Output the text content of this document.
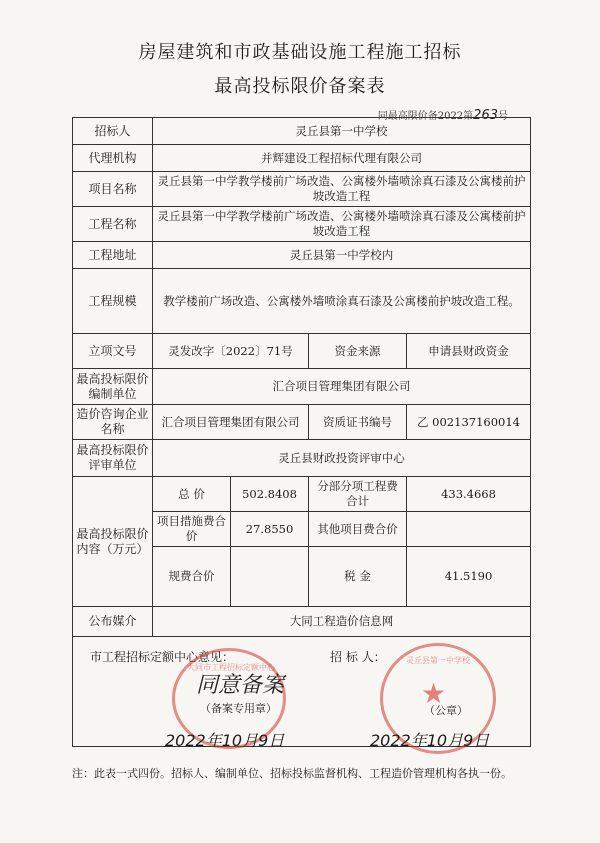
房屋建筑和市政基础设施工程施工招标
最高投标限价备案表
同最高限价备2022第263号
招标人	灵丘县第一中学校			
代理机构	并辉建设工程招标代理有限公司			
项目名称	灵丘县第一中学教学楼前广场改造、公寓楼外墙喷涂真石漆及公寓楼前护坡改造工程			
工程名称	灵丘县第一中学教学楼前广场改造、公寓楼外墙喷涂真石漆及公寓楼前护坡改造工程			
工程地址	灵丘县第一中学校内			
工程规模	教学楼前广场改造、公寓楼外墙喷涂真石漆及公寓楼前护坡改造工程。			
立项文号	灵发改字〔2022〕71号		资金来源	申请县财政资金
最高投标限价编制单位	汇合项目管理集团有限公司			
造价咨询企业名称	汇合项目管理集团有限公司		资质证书编号	乙 002137160014
最高投标限价评审单位	灵丘县财政投资评审中心			
最高投标限价内容（万元）	总 价	502.8408	分部分项工程费合计	433.4668
	项目措施费合 价	27.8550	其他项目费合价	
	规费合价		税 金	41.5190
公布媒介	大同工程造价信息网			

市工程招标定额中心意见：	招 标 人：
大同市工程招标定额中心
同意备案
（备案专用章）
灵丘县第一中学校
★
（公章）
2022年10月9日	2022年10月9日
注：此表一式四份。招标人、编制单位、招标投标监督机构、工程造价管理机构各执一份。
